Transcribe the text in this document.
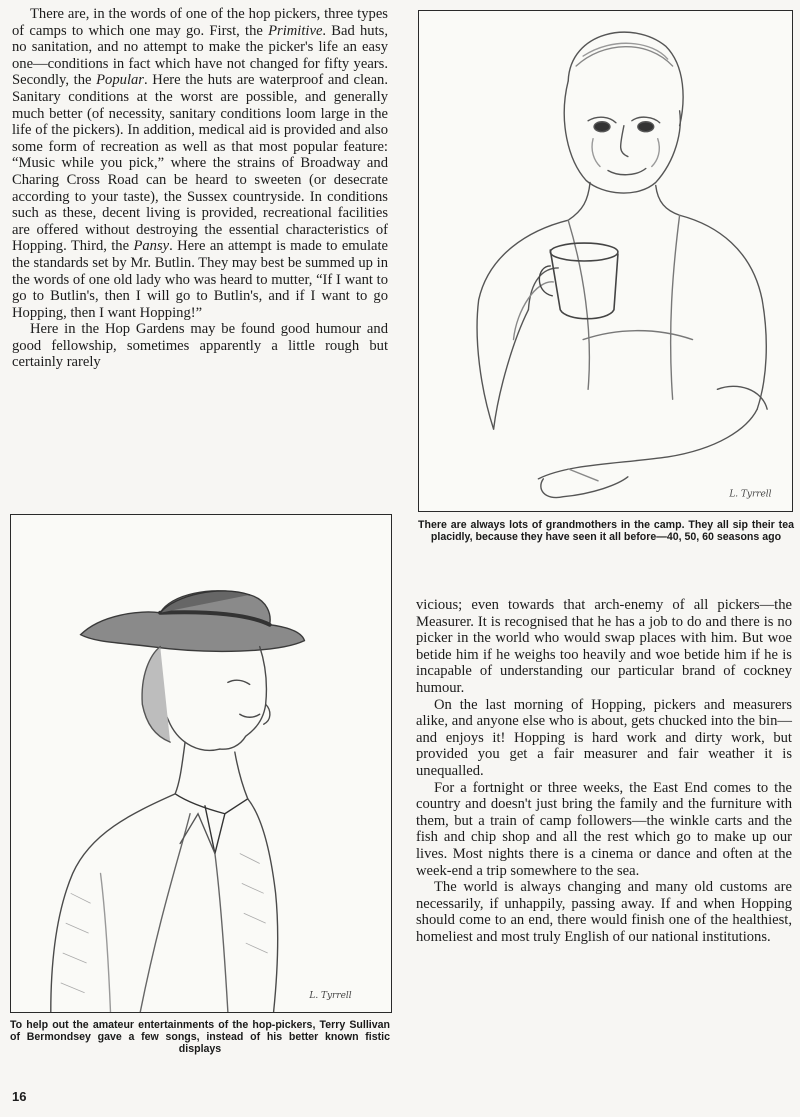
There are, in the words of one of the hop pickers, three types of camps to which one may go. First, the Primitive. Bad huts, no sanitation, and no attempt to make the picker's life an easy one—conditions in fact which have not changed for fifty years. Secondly, the Popular. Here the huts are waterproof and clean. Sanitary conditions at the worst are possible, and generally much better (of necessity, sanitary conditions loom large in the life of the pickers). In addition, medical aid is provided and also some form of recreation as well as that most popular feature: “Music while you pick,” where the strains of Broadway and Charing Cross Road can be heard to sweeten (or desecrate according to your taste), the Sussex countryside. In conditions such as these, decent living is provided, recreational facilities are offered without destroying the essential characteristics of Hopping. Third, the Pansy. Here an attempt is made to emulate the standards set by Mr. Butlin. They may best be summed up in the words of one old lady who was heard to mutter, “If I want to go to Butlin's, then I will go to Butlin's, and if I want to go Hopping, then I want Hopping!”

Here in the Hop Gardens may be found good humour and good fellowship, sometimes apparently a little rough but certainly rarely

L. Tyrrell
There are always lots of grandmothers in the camp. They all sip their tea placidly, because they have seen it all before—40, 50, 60 seasons ago
L. Tyrrell
To help out the amateur entertainments of the hop-pickers, Terry Sullivan of Bermondsey gave a few songs, instead of his better known fistic displays

vicious; even towards that arch-enemy of all pickers—the Measurer. It is recognised that he has a job to do and there is no picker in the world who would swap places with him. But woe betide him if he weighs too heavily and woe betide him if he is incapable of understanding our particular brand of cockney humour.

On the last morning of Hopping, pickers and measurers alike, and anyone else who is about, gets chucked into the bin—and enjoys it! Hopping is hard work and dirty work, but provided you get a fair measurer and fair weather it is unequalled.

For a fortnight or three weeks, the East End comes to the country and doesn't just bring the family and the furniture with them, but a train of camp followers—the winkle carts and the fish and chip shop and all the rest which go to make up our lives. Most nights there is a cinema or dance and often at the week-end a trip somewhere to the sea.

The world is always changing and many old customs are necessarily, if unhappily, passing away. If and when Hopping should come to an end, there would finish one of the healthiest, homeliest and most truly English of our national institutions.

16
